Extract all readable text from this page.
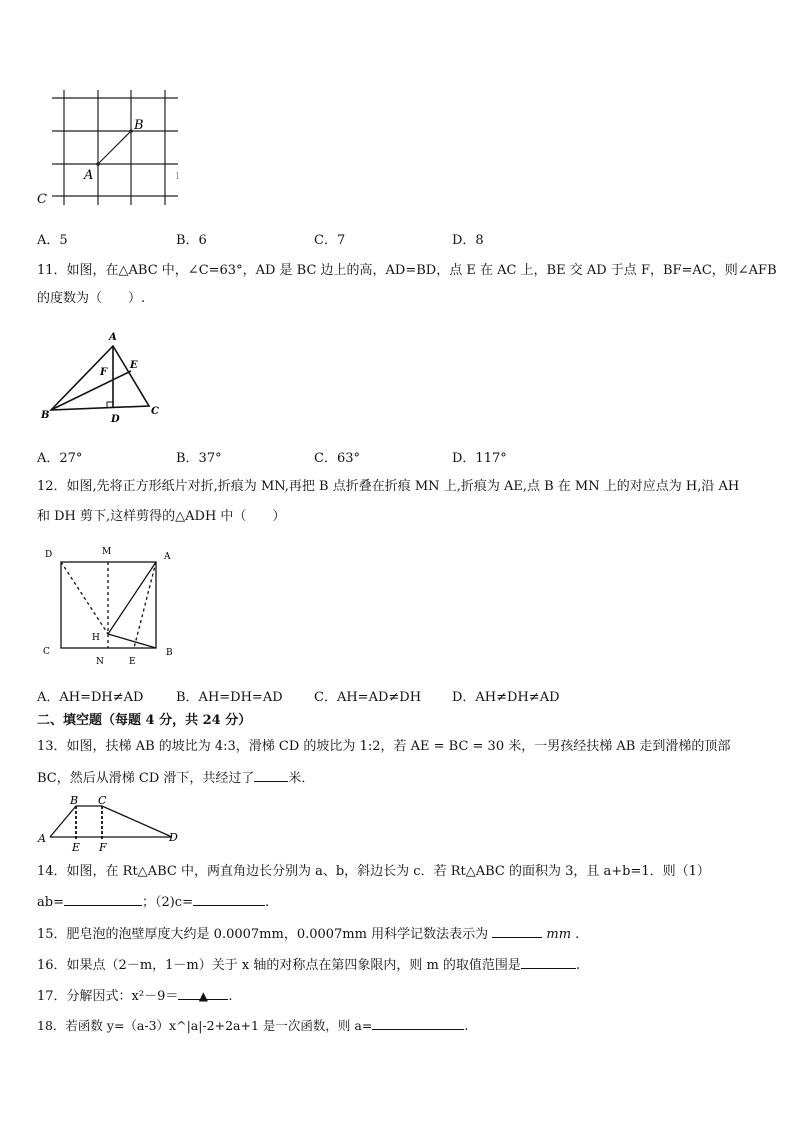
B
A	l
C
A．5	B．6	C．7	D．8
11．如图，在△ABC 中，∠C=63°，AD 是 BC 边上的高，AD=BD，点 E 在 AC 上，BE 交 AD 于点 F，BF=AC，则∠AFB
的度数为（　　）.
A
E
F
B	D
C
A．27°	B．37°	C．63°	D．117°
12．如图,先将正方形纸片对折,折痕为 MN,再把 B 点折叠在折痕 MN 上,折痕为 AE,点 B 在 MN 上的对应点为 H,沿 AH
和 DH 剪下,这样剪得的△ADH 中（　　）
D	M	A
H
C	B
N	E
A．AH=DH≠AD	B．AH=DH=AD C．AH=AD≠DH D．AH≠DH≠AD
二、填空题（每题 4 分，共 24 分）
13．如图，扶梯 AB 的坡比为 4:3，滑梯 CD 的坡比为 1:2，若 AE = BC = 30 米，一男孩经扶梯 AB 走到滑梯的顶部
BC，然后从滑梯 CD 滑下，共经过了	米．
B C
A	D
E F
14．如图，在 Rt△ABC 中，两直角边长分别为 a、b，斜边长为 c．若 Rt△ABC 的面积为 3，且 a+b=1．则（1）
ab=	；（2)c=	.
15．肥皂泡的泡壁厚度大约是 0.0007mm，0.0007mm 用科学记数法表示为	mm .
16．如果点（2－m，1－m）关于 x 轴的对称点在第四象限内，则 m 的取值范围是	.
17．分解因式：x²－9＝ ▲ .
18．若函数 y=（a-3）x^|a|-2+2a+1 是一次函数，则 a=	.
